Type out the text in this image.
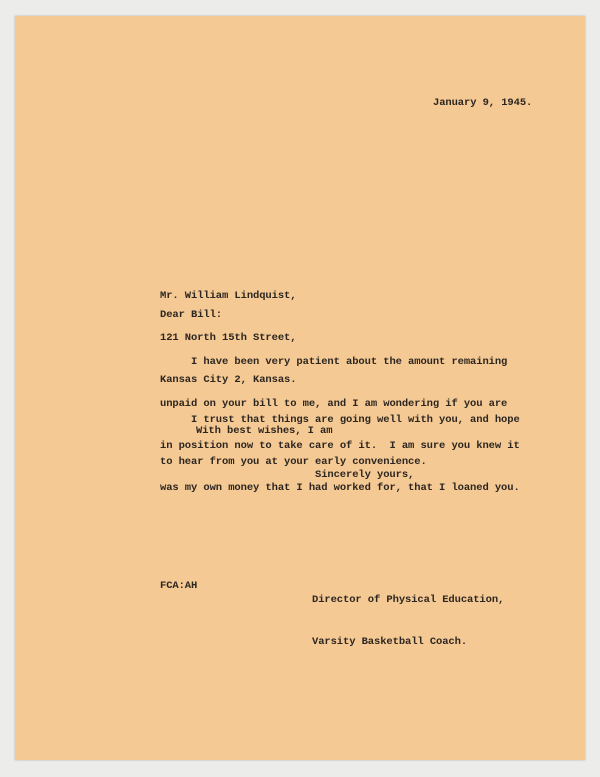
January 9, 1945.

Mr. William Lindquist,

121 North 15th Street,

Kansas City 2, Kansas.

Dear Bill:

I have been very patient about the amount remaining

unpaid on your bill to me, and I am wondering if you are

in position now to take care of it.  I am sure you knew it

was my own money that I had worked for, that I loaned you.

I trust that things are going well with you, and hope

to hear from you at your early convenience.

With best wishes, I am
Sincerely yours,

Director of Physical Education,

Varsity Basketball Coach.

FCA:AH
